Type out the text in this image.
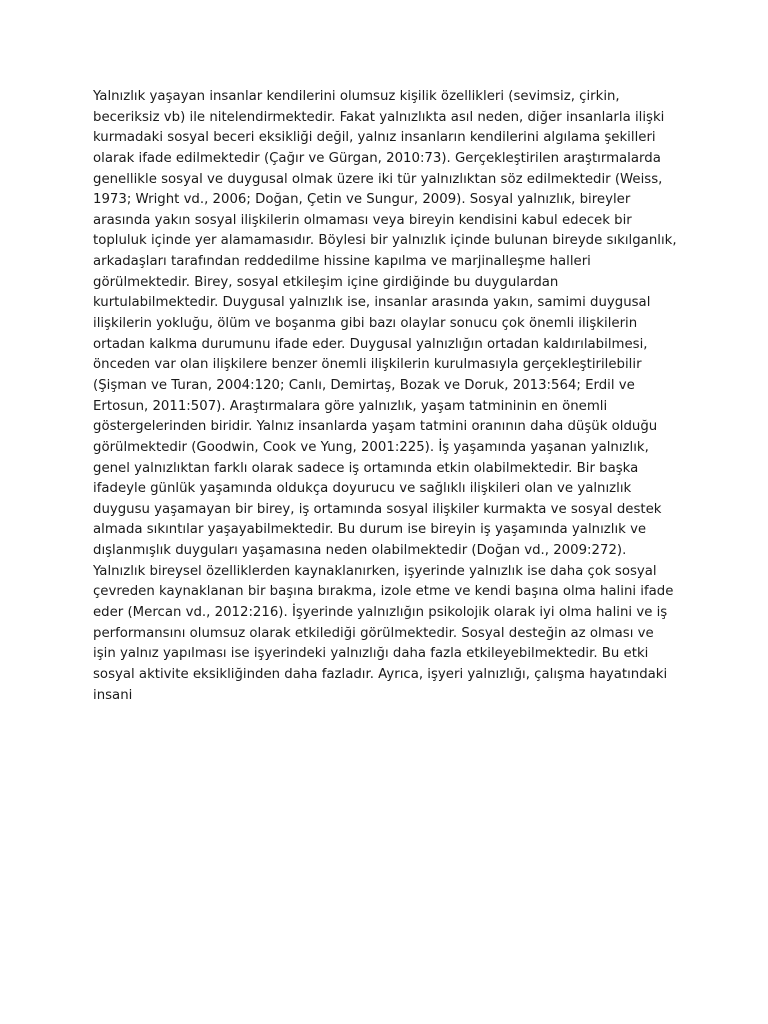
Yalnızlık yaşayan insanlar kendilerini olumsuz kişilik özellikleri (sevimsiz, çirkin,
beceriksiz vb) ile nitelendirmektedir. Fakat yalnızlıkta asıl neden, diğer insanlarla ilişki
kurmadaki sosyal beceri eksikliği değil, yalnız insanların kendilerini algılama şekilleri
olarak ifade edilmektedir (Çağır ve Gürgan, 2010:73). Gerçekleştirilen araştırmalarda
genellikle sosyal ve duygusal olmak üzere iki tür yalnızlıktan söz edilmektedir (Weiss,
1973; Wright vd., 2006; Doğan, Çetin ve Sungur, 2009). Sosyal yalnızlık, bireyler
arasında yakın sosyal ilişkilerin olmaması veya bireyin kendisini kabul edecek bir
topluluk içinde yer alamamasıdır. Böylesi bir yalnızlık içinde bulunan bireyde sıkılganlık,
arkadaşları tarafından reddedilme hissine kapılma ve marjinalleşme halleri
görülmektedir. Birey, sosyal etkileşim içine girdiğinde bu duygulardan
kurtulabilmektedir. Duygusal yalnızlık ise, insanlar arasında yakın, samimi duygusal
ilişkilerin yokluğu, ölüm ve boşanma gibi bazı olaylar sonucu çok önemli ilişkilerin
ortadan kalkma durumunu ifade eder. Duygusal yalnızlığın ortadan kaldırılabilmesi,
önceden var olan ilişkilere benzer önemli ilişkilerin kurulmasıyla gerçekleştirilebilir
(Şişman ve Turan, 2004:120; Canlı, Demirtaş, Bozak ve Doruk, 2013:564; Erdil ve
Ertosun, 2011:507). Araştırmalara göre yalnızlık, yaşam tatmininin en önemli
göstergelerinden biridir. Yalnız insanlarda yaşam tatmini oranının daha düşük olduğu
görülmektedir (Goodwin, Cook ve Yung, 2001:225). İş yaşamında yaşanan yalnızlık,
genel yalnızlıktan farklı olarak sadece iş ortamında etkin olabilmektedir. Bir başka
ifadeyle günlük yaşamında oldukça doyurucu ve sağlıklı ilişkileri olan ve yalnızlık
duygusu yaşamayan bir birey, iş ortamında sosyal ilişkiler kurmakta ve sosyal destek
almada sıkıntılar yaşayabilmektedir. Bu durum ise bireyin iş yaşamında yalnızlık ve
dışlanmışlık duyguları yaşamasına neden olabilmektedir (Doğan vd., 2009:272).
Yalnızlık bireysel özelliklerden kaynaklanırken, işyerinde yalnızlık ise daha çok sosyal
çevreden kaynaklanan bir başına bırakma, izole etme ve kendi başına olma halini ifade
eder (Mercan vd., 2012:216). İşyerinde yalnızlığın psikolojik olarak iyi olma halini ve iş
performansını olumsuz olarak etkilediği görülmektedir. Sosyal desteğin az olması ve
işin yalnız yapılması ise işyerindeki yalnızlığı daha fazla etkileyebilmektedir. Bu etki
sosyal aktivite eksikliğinden daha fazladır. Ayrıca, işyeri yalnızlığı, çalışma hayatındaki
insani
